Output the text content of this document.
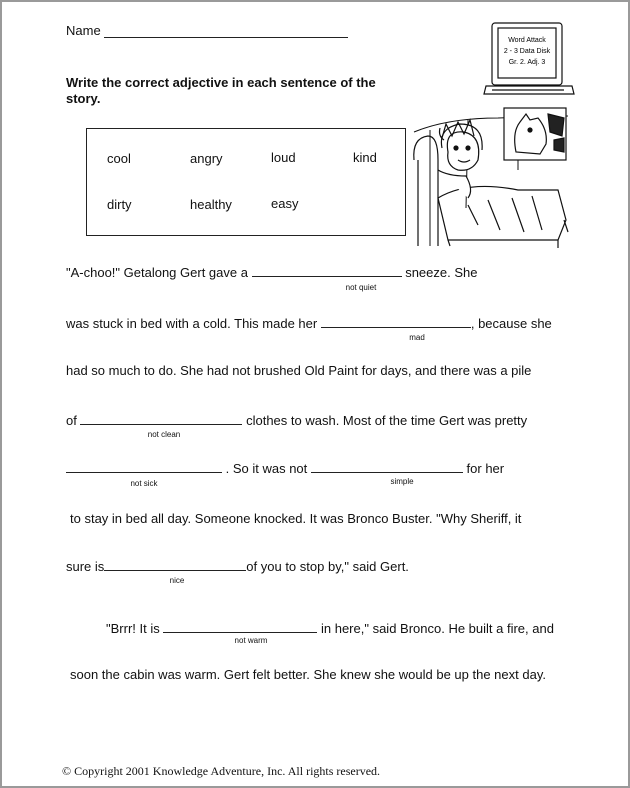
Name
Write the correct adjective in each sentence of the story.
cool	angry	loud	kind
dirty	healthy	easy
Word Attack
2 - 3 Data Disk
Gr. 2. Adj. 3
"A-choo!" Getalong Gert gave a	sneeze. She
not quiet
was stuck in bed with a cold. This made her	, because she
mad
had so much to do. She had not brushed Old Paint for days, and there was a pile
of	clothes to wash. Most of the time Gert was pretty
not clean
. So it was not	for her
not sick	simple
to stay in bed all day. Someone knocked. It was Bronco Buster. "Why Sheriff, it
sure is	of you to stop by," said Gert.
nice
"Brrr! It is	in here," said Bronco. He built a fire, and
not warm
soon the cabin was warm. Gert felt better. She knew she would be up the next day.
© Copyright 2001 Knowledge Adventure, Inc. All rights reserved.
